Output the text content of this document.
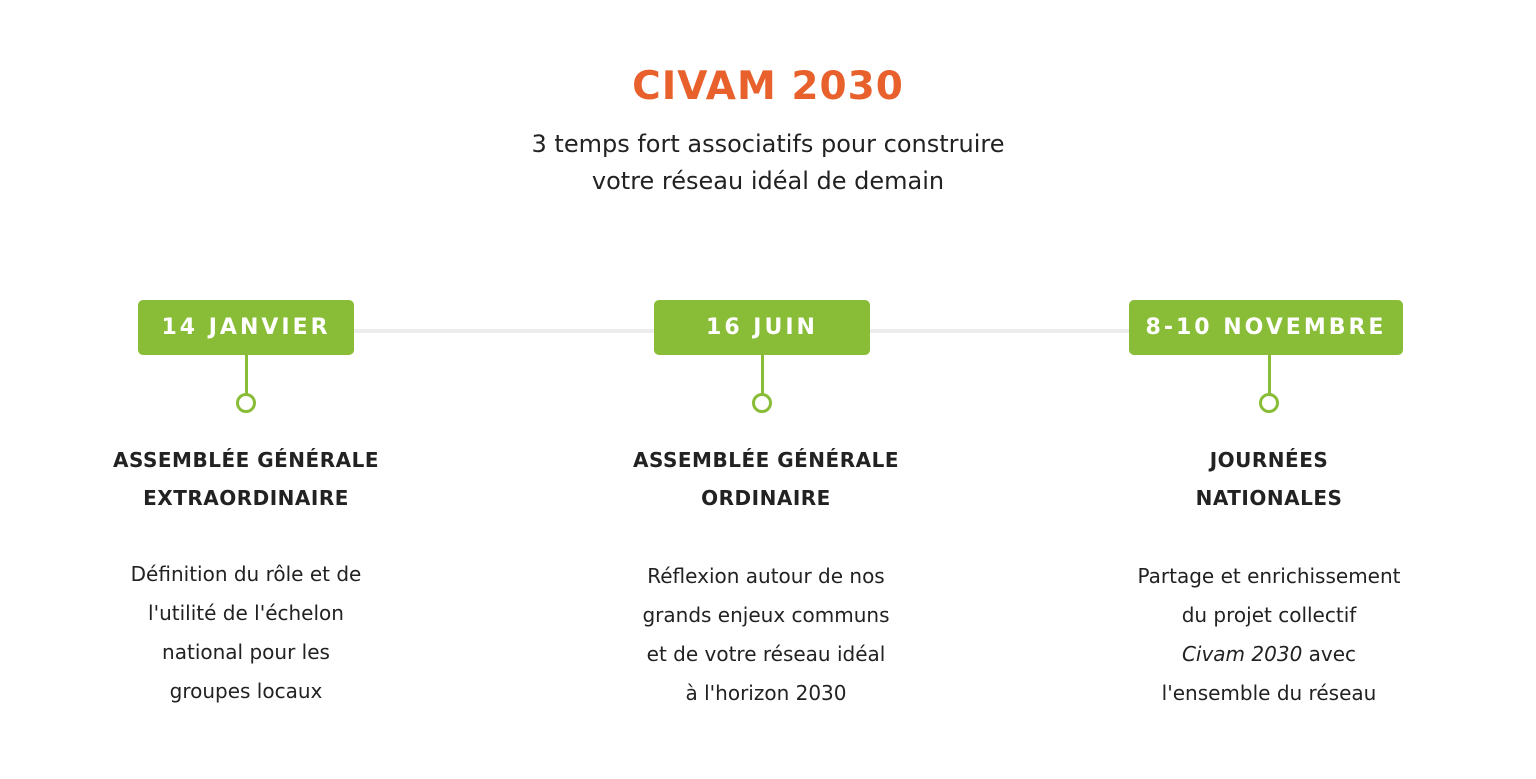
CIVAM 2030
3 temps fort associatifs pour construire
votre réseau idéal de demain
14 JANVIER
ASSEMBLÉE GÉNÉRALE
EXTRAORDINAIRE
Définition du rôle et de
l'utilité de l'échelon
national pour les
groupes locaux
16 JUIN
ASSEMBLÉE GÉNÉRALE
ORDINAIRE
Réflexion autour de nos
grands enjeux communs
et de votre réseau idéal
à l'horizon 2030
8-10 NOVEMBRE
JOURNÉES
NATIONALES
Partage et enrichissement
du projet collectif
Civam 2030 avec
l'ensemble du réseau
